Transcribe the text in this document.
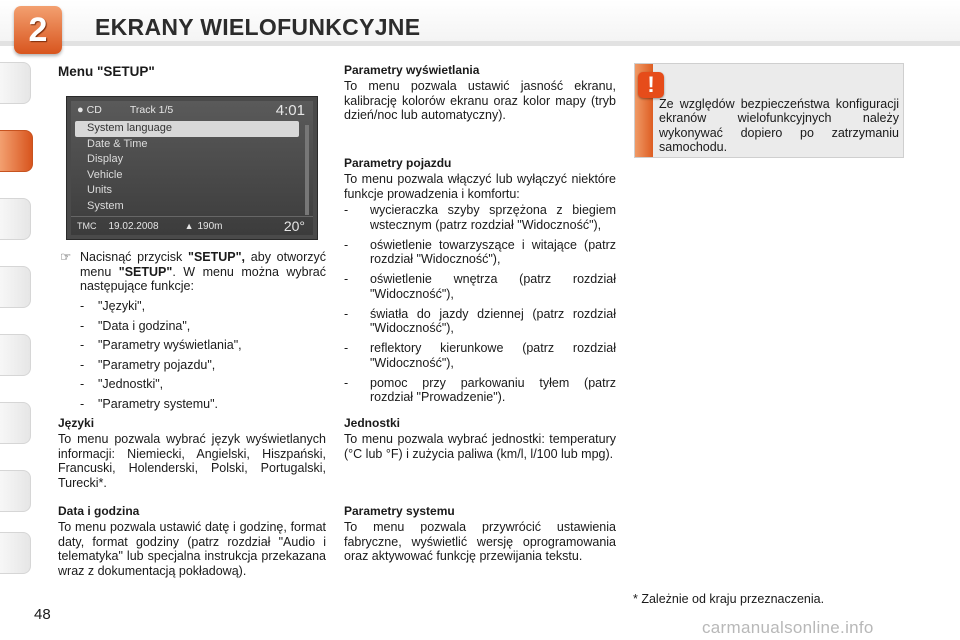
2	EKRANY WIELOFUNKCYJNE
Menu "SETUP"
● CD	Track 1/5	4:01
System language
Date & Time
Display
Vehicle
Units
System
TMC 19.02.2008	▲ 190m	20°
☞ Nacisnąć przycisk "SETUP", aby otworzyć menu "SETUP". W menu można wybrać następujące funkcje:
- "Języki",
- "Data i godzina",
- "Parametry wyświetlania",
- "Parametry pojazdu",
- "Jednostki",
- "Parametry systemu".
Języki

To menu pozwala wybrać język wyświetlanych informacji: Niemiecki, Angielski, Hiszpański, Francuski, Holenderski, Polski, Portugalski, Turecki*.

Data i godzina

To menu pozwala ustawić datę i godzinę, format daty, format godziny (patrz rozdział "Audio i telematyka" lub specjalna instrukcja przekazana wraz z dokumentacją pokładową).

Parametry wyświetlania

To menu pozwala ustawić jasność ekranu, kalibrację kolorów ekranu oraz kolor mapy (tryb dzień/noc lub automatyczny).

Parametry pojazdu

To menu pozwala włączyć lub wyłączyć niektóre funkcje prowadzenia i komfortu:

- wycieraczka szyby sprzężona z biegiem wstecznym (patrz rozdział "Widoczność"),
- oświetlenie towarzyszące i witające (patrz rozdział "Widoczność"),
- oświetlenie wnętrza (patrz rozdział "Widoczność"),
- światła do jazdy dziennej (patrz rozdział "Widoczność"),
- reflektory kierunkowe (patrz rozdział "Widoczność"),
- pomoc przy parkowaniu tyłem (patrz rozdział "Prowadzenie").
Jednostki

To menu pozwala wybrać jednostki: temperatury (°C lub °F) i zużycia paliwa (km/l, l/100 lub mpg).

Parametry systemu

To menu pozwala przywrócić ustawienia fabryczne, wyświetlić wersję oprogramowania oraz aktywować funkcję przewijania tekstu.

!

Ze względów bezpieczeństwa konfiguracji ekranów wielofunkcyjnych należy wykonywać dopiero po zatrzymaniu samochodu.

* Zależnie od kraju przeznaczenia.
48
carmanualsonline.info
